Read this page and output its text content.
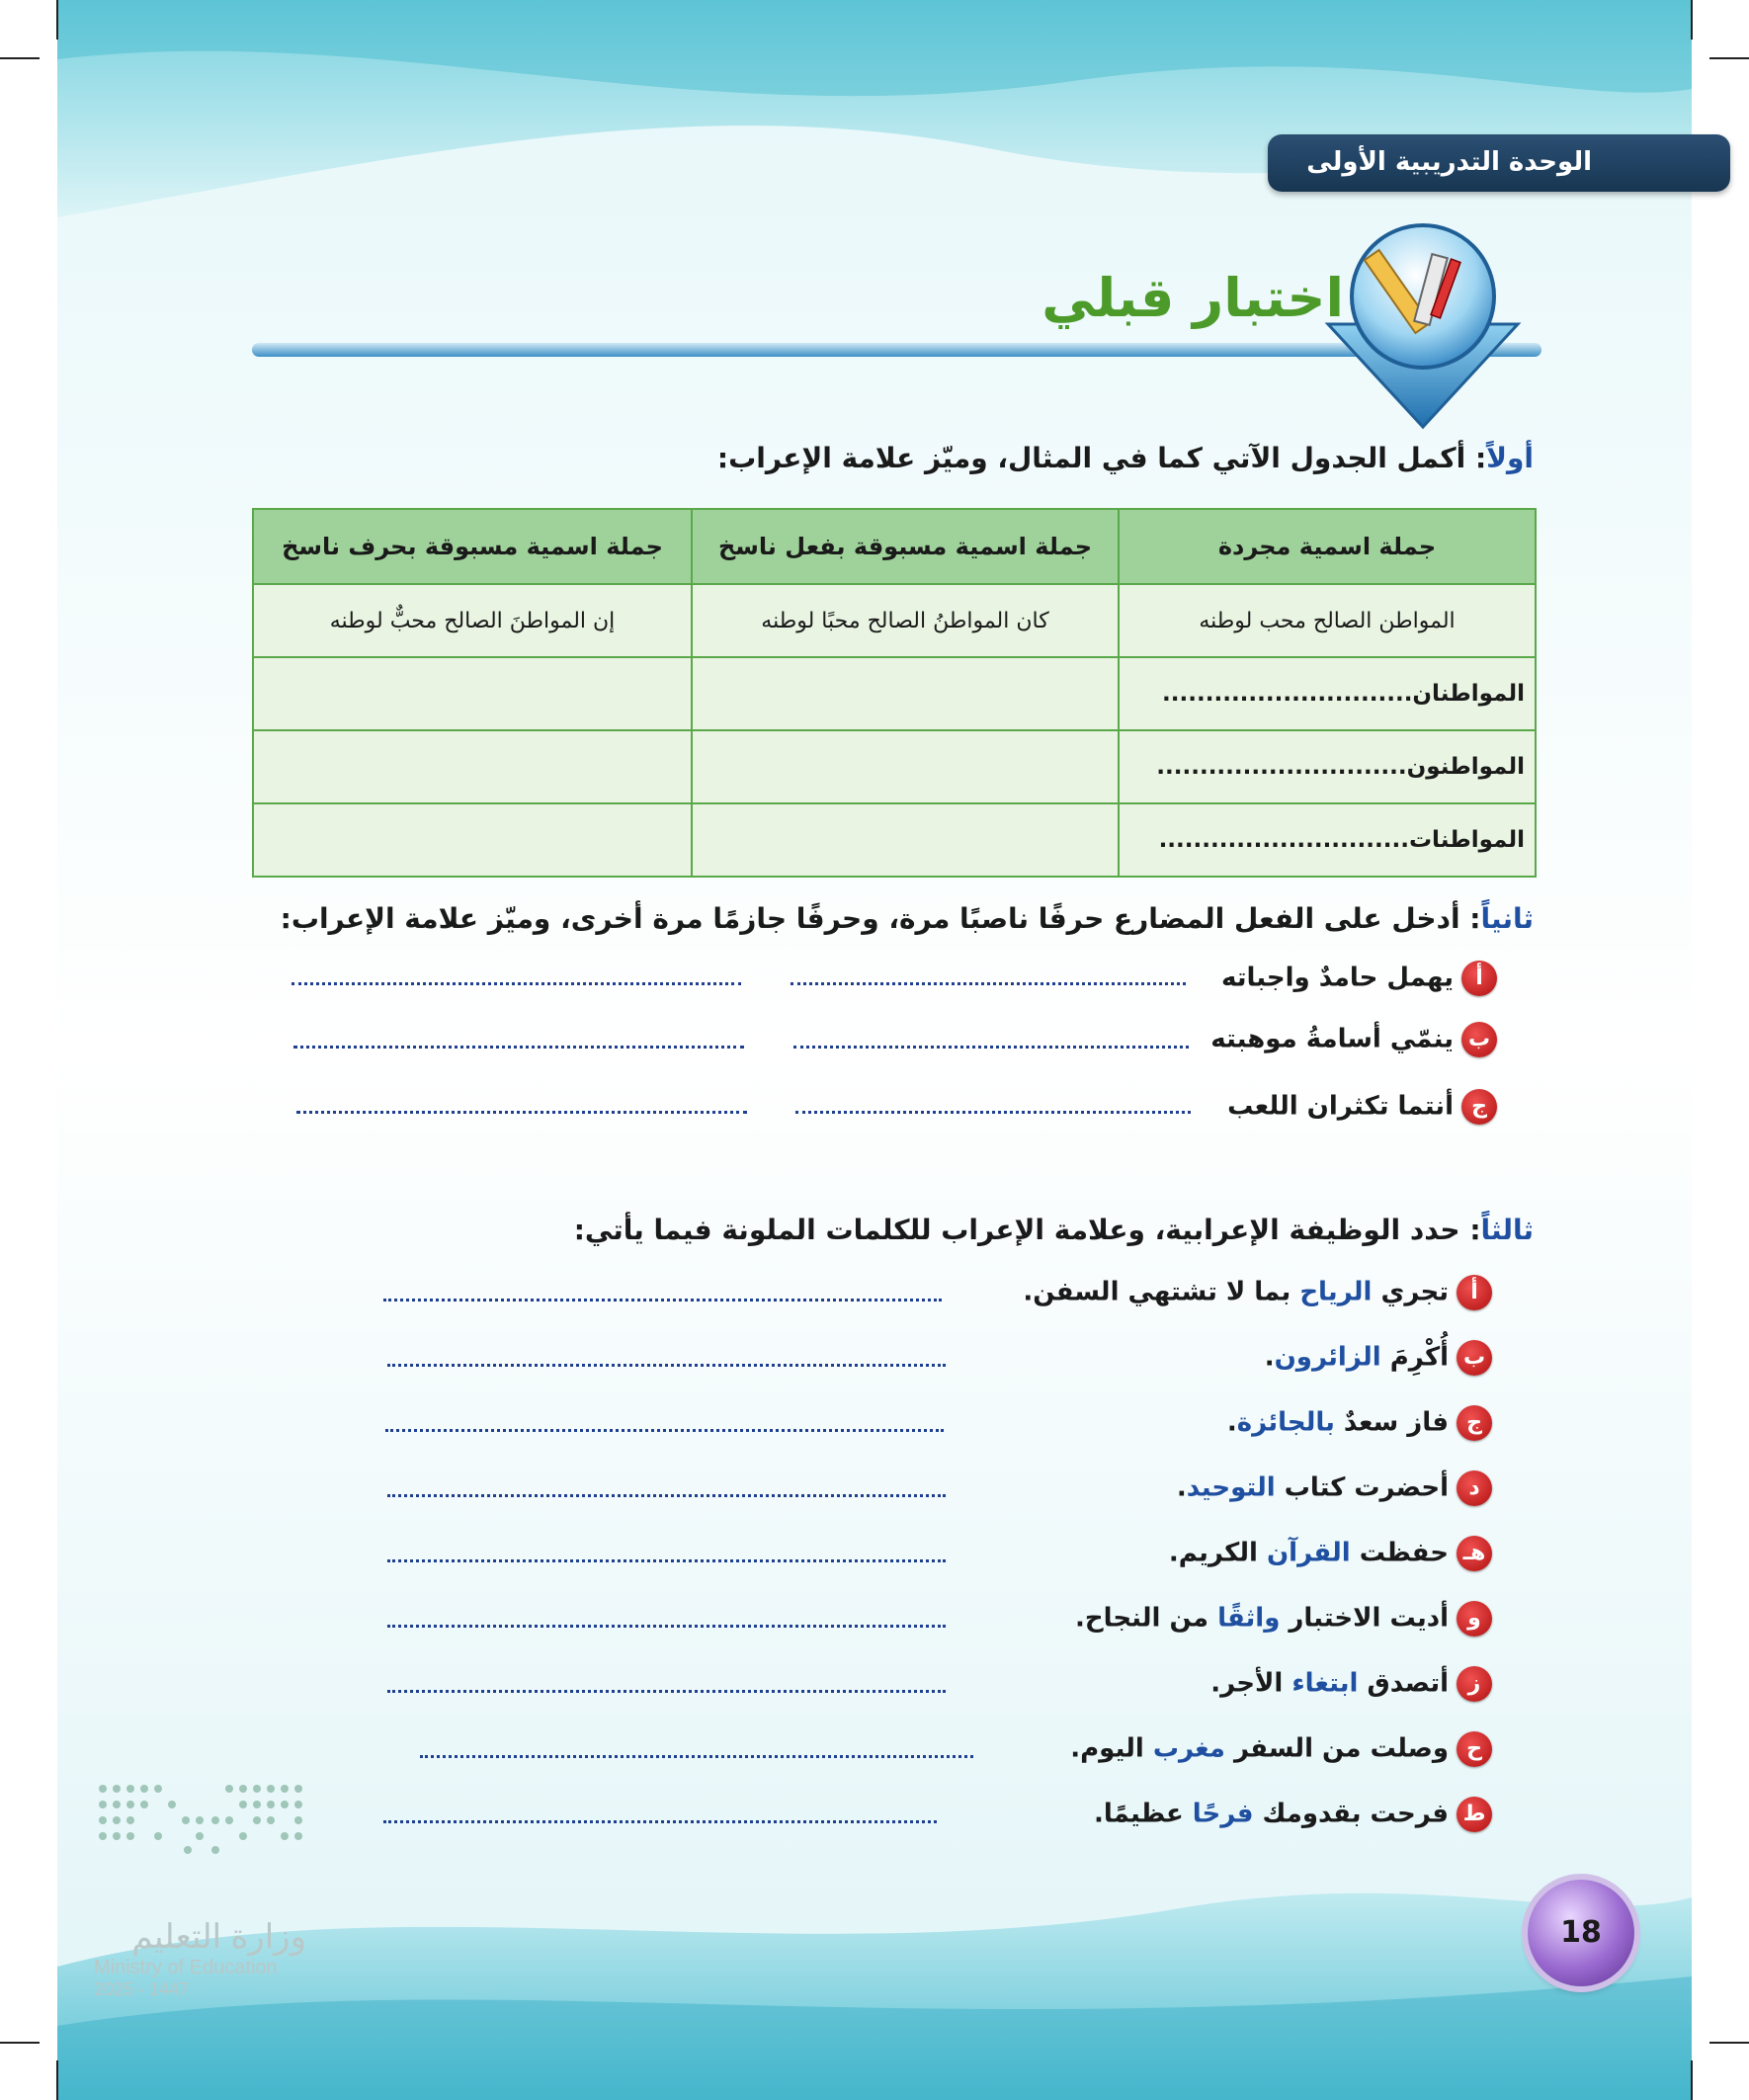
الوحدة التدريبية الأولى
اختبار قبلي
أولاً: أكمل الجدول الآتي كما في المثال، وميّز علامة الإعراب:
جملة اسمية مجردة	جملة اسمية مسبوقة بفعل ناسخ	جملة اسمية مسبوقة بحرف ناسخ
المواطن الصالح محب لوطنه	كان المواطنُ الصالح محبًا لوطنه	إن المواطنَ الصالح محبٌّ لوطنه
المواطنان.............................		
المواطنون.............................		
المواطنات.............................		
ثانياً: أدخل على الفعل المضارع حرفًا ناصبًا مرة، وحرفًا جازمًا مرة أخرى، وميّز علامة الإعراب:
أيهمل حامدٌ واجباته
بينمّي أسامةُ موهبته
جأنتما تكثران اللعب
ثالثاً: حدد الوظيفة الإعرابية، وعلامة الإعراب للكلمات الملونة فيما يأتي:
أتجري الرياح بما لا تشتهي السفن.
بأُكْرِمَ الزائرون.
جفاز سعدٌ بالجائزة.
دأحضرت كتاب التوحيد.
هـحفظت القرآن الكريم.
وأديت الاختبار واثقًا من النجاح.
زأتصدق ابتغاء الأجر.
حوصلت من السفر مغرب اليوم.
طفرحت بقدومك فرحًا عظيمًا.
وزارة التعليم
Ministry of Education
2025 - 1447
18
